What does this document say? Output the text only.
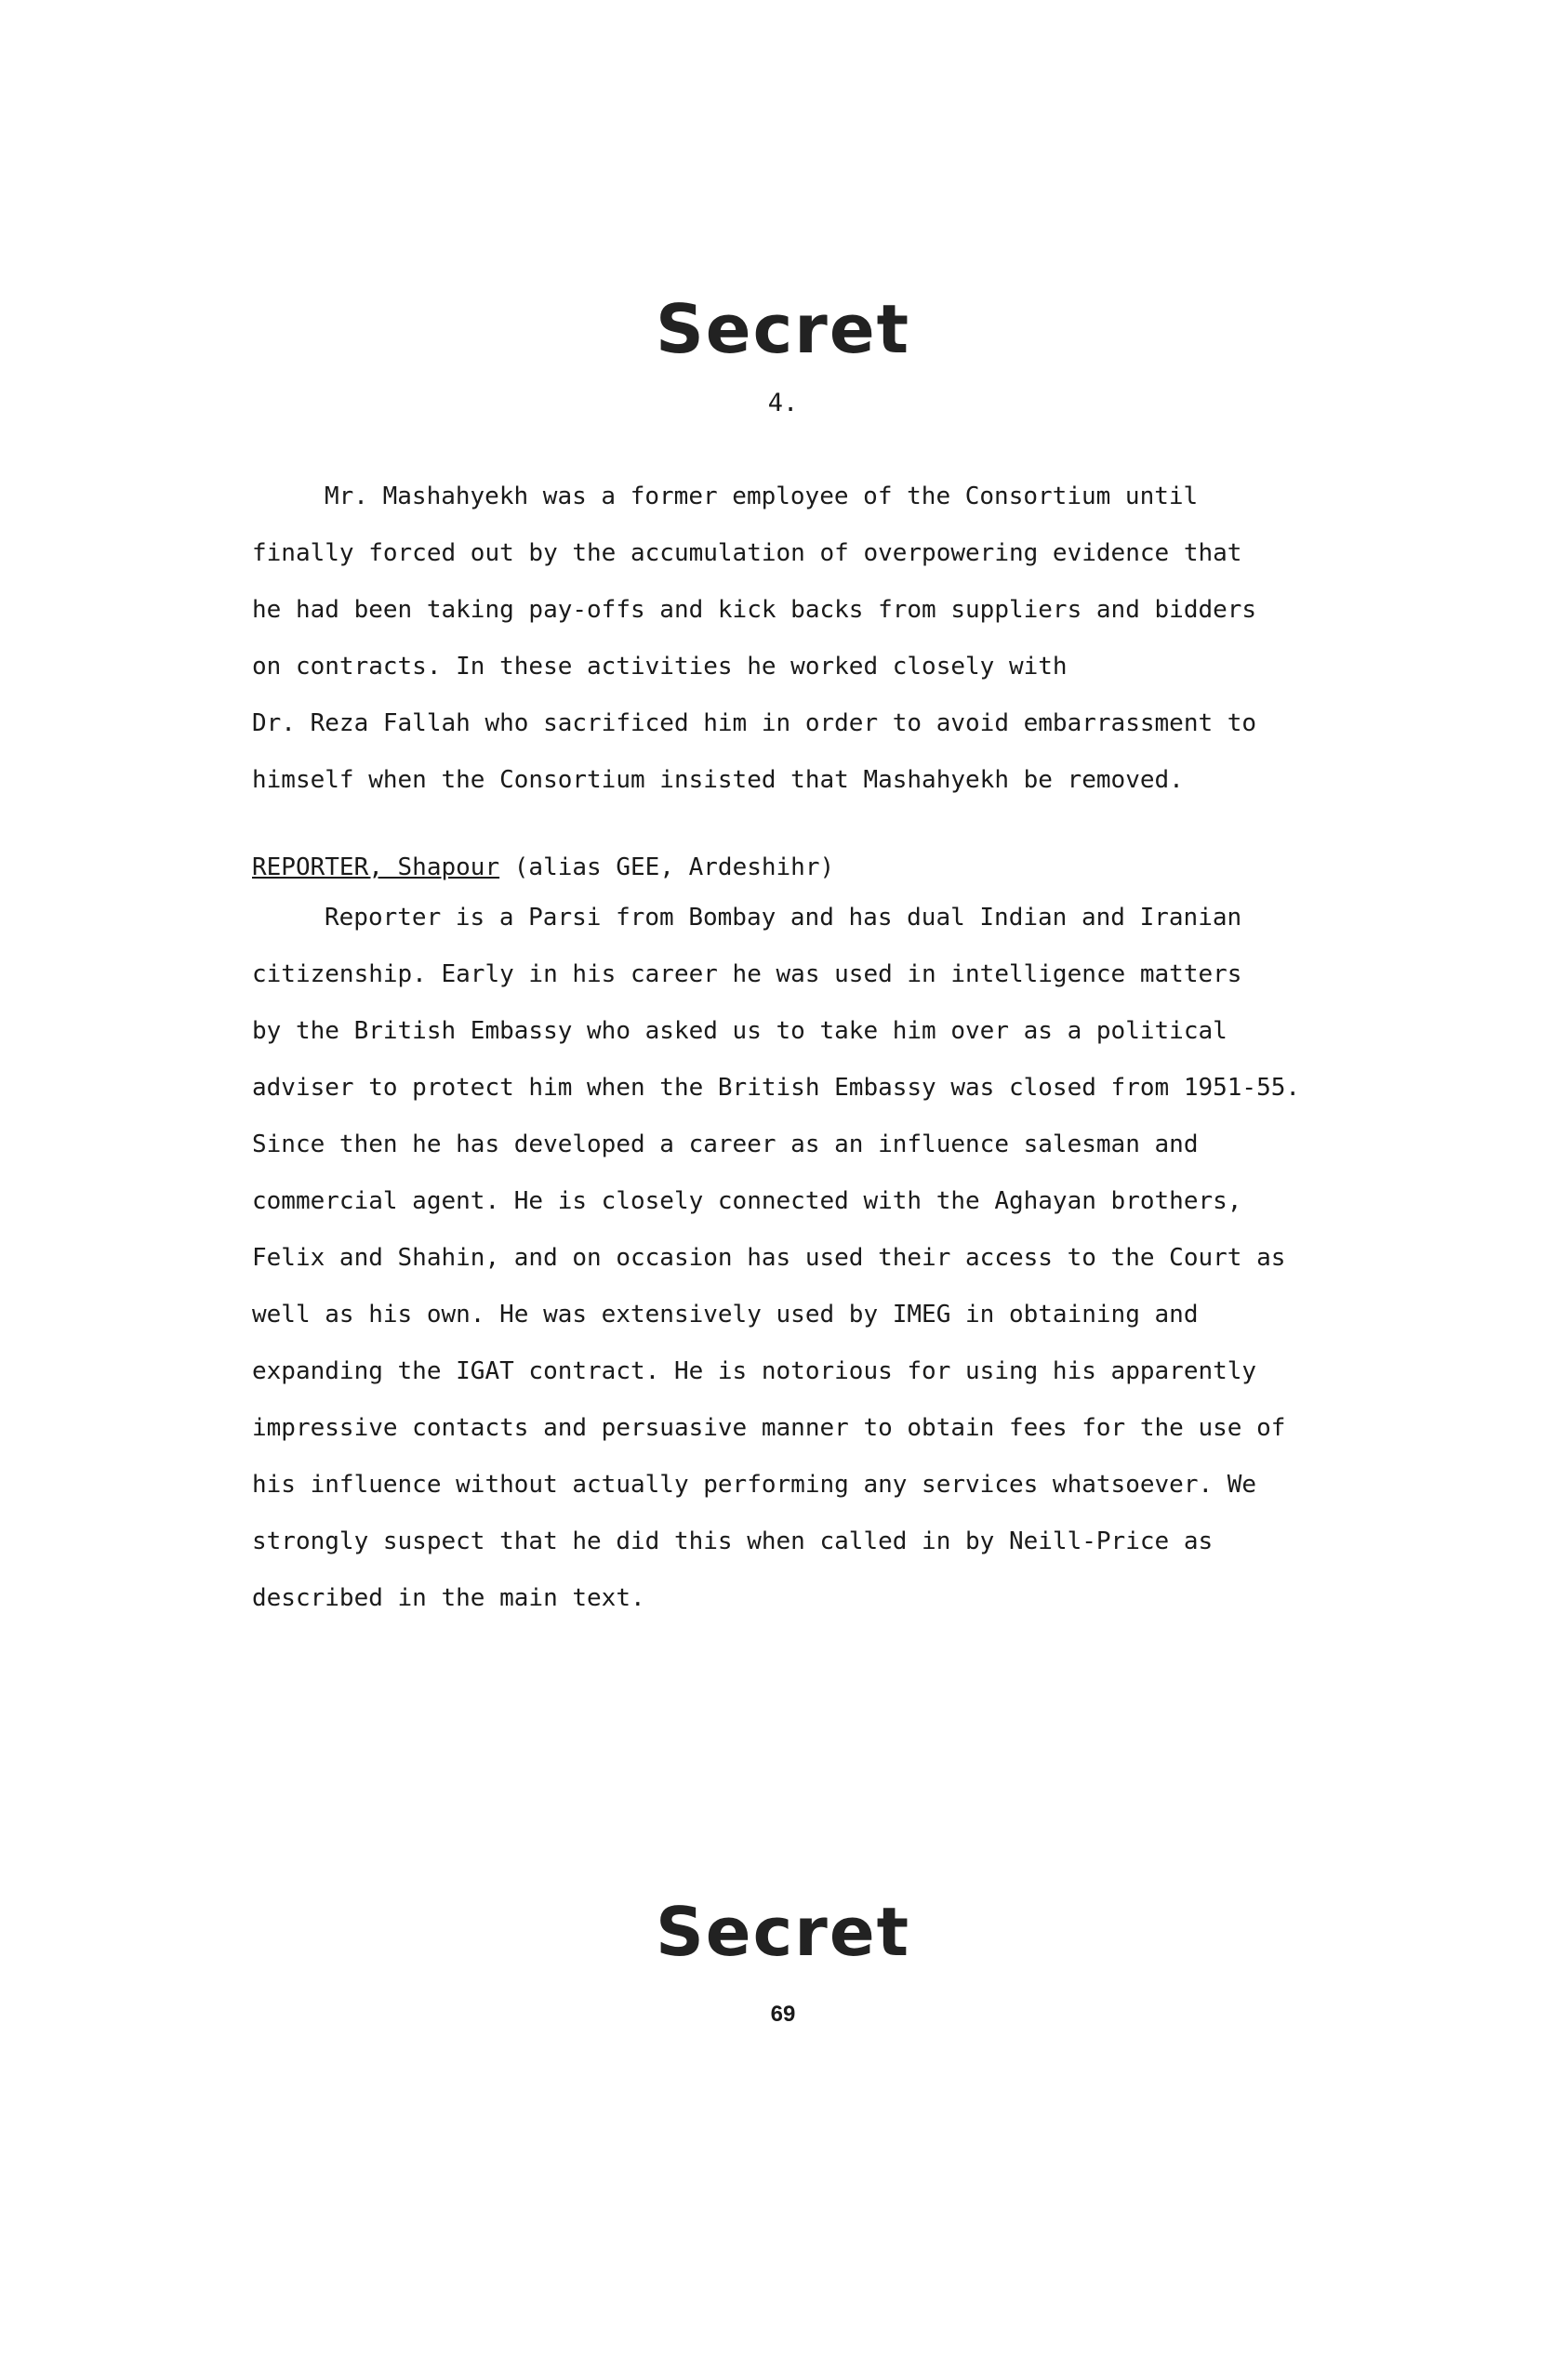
Secret
4.
Mr. Mashahyekh was a former employee of the Consortium until
finally forced out by the accumulation of overpowering evidence that
he had been taking pay-offs and kick backs from suppliers and bidders
on contracts. In these activities he worked closely with
Dr. Reza Fallah who sacrificed him in order to avoid embarrassment to
himself when the Consortium insisted that Mashahyekh be removed.
REPORTER, Shapour (alias GEE, Ardeshihr)
Reporter is a Parsi from Bombay and has dual Indian and Iranian
citizenship. Early in his career he was used in intelligence matters
by the British Embassy who asked us to take him over as a political
adviser to protect him when the British Embassy was closed from 1951-55.
Since then he has developed a career as an influence salesman and
commercial agent. He is closely connected with the Aghayan brothers,
Felix and Shahin, and on occasion has used their access to the Court as
well as his own. He was extensively used by IMEG in obtaining and
expanding the IGAT contract. He is notorious for using his apparently
impressive contacts and persuasive manner to obtain fees for the use of
his influence without actually performing any services whatsoever. We
strongly suspect that he did this when called in by Neill-Price as
described in the main text.
Secret
69
